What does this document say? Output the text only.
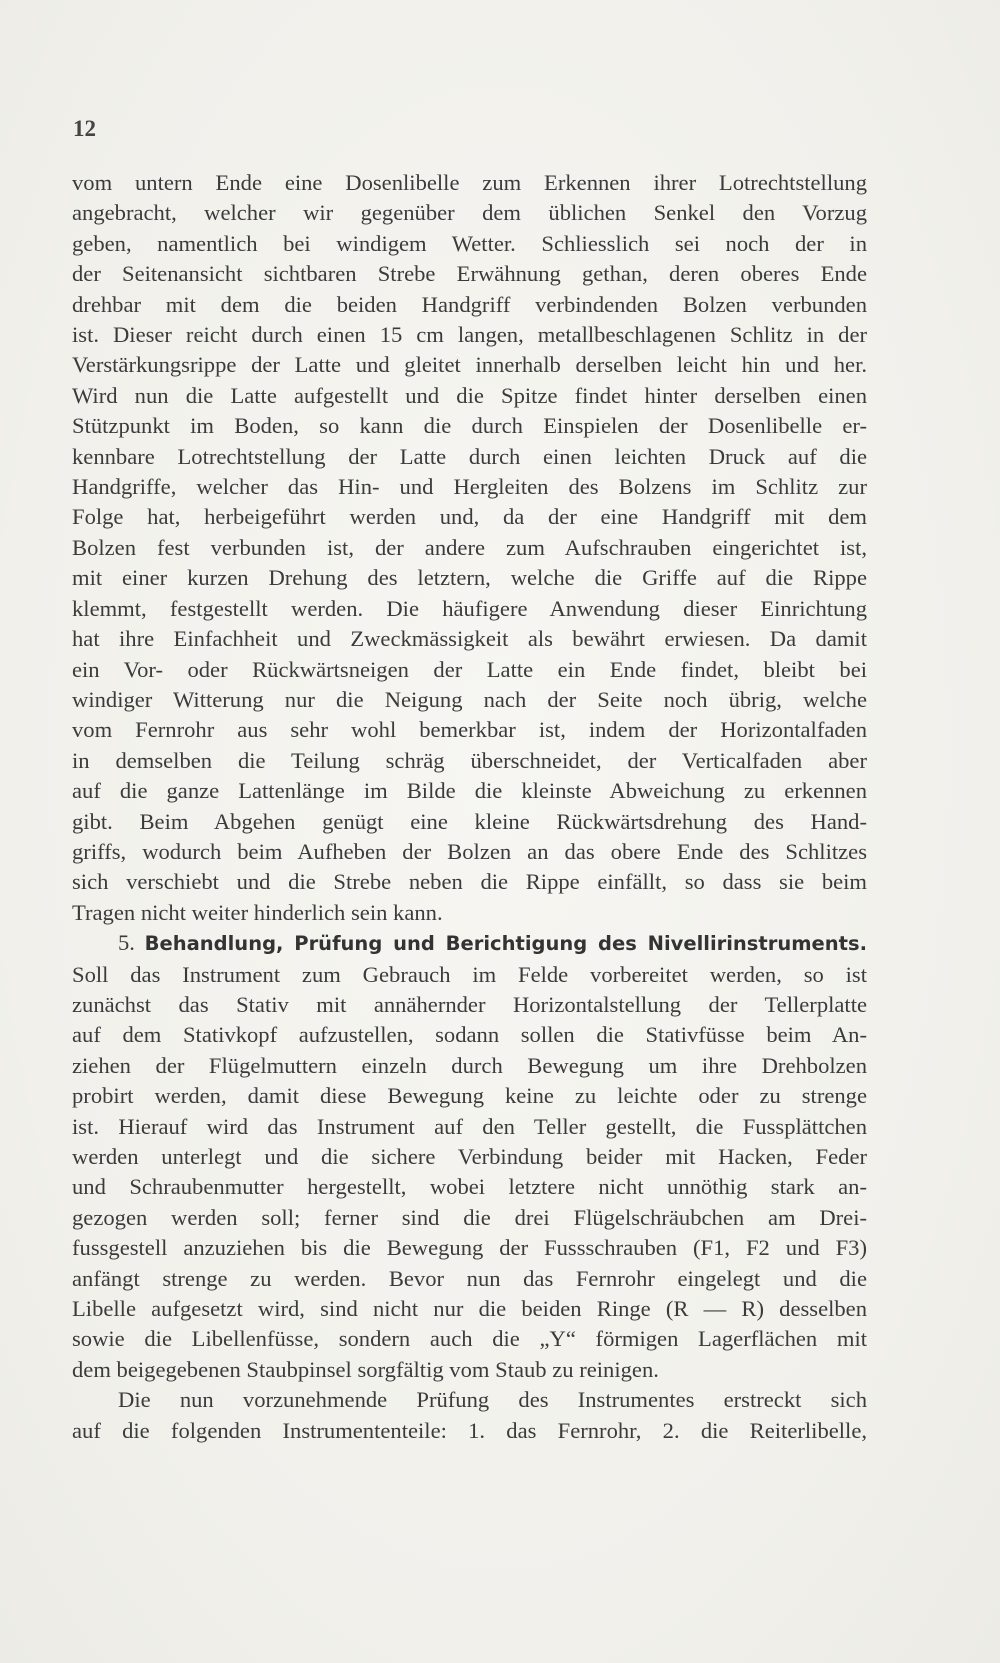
12

vom untern Ende eine Dosenlibelle zum Erkennen ihrer Lotrechtstellung
angebracht, welcher wir gegenüber dem üblichen Senkel den Vorzug
geben, namentlich bei windigem Wetter. Schliesslich sei noch der in
der Seitenansicht sichtbaren Strebe Erwähnung gethan, deren oberes Ende
drehbar mit dem die beiden Handgriff verbindenden Bolzen verbunden
ist. Dieser reicht durch einen 15 cm langen, metallbeschlagenen Schlitz in der
Verstärkungsrippe der Latte und gleitet innerhalb derselben leicht hin und her.
Wird nun die Latte aufgestellt und die Spitze findet hinter derselben einen
Stützpunkt im Boden, so kann die durch Einspielen der Dosenlibelle er-
kennbare Lotrechtstellung der Latte durch einen leichten Druck auf die
Handgriffe, welcher das Hin- und Hergleiten des Bolzens im Schlitz zur
Folge hat, herbeigeführt werden und, da der eine Handgriff mit dem
Bolzen fest verbunden ist, der andere zum Aufschrauben eingerichtet ist,
mit einer kurzen Drehung des letztern, welche die Griffe auf die Rippe
klemmt, festgestellt werden. Die häufigere Anwendung dieser Einrichtung
hat ihre Einfachheit und Zweckmässigkeit als bewährt erwiesen. Da damit
ein Vor- oder Rückwärtsneigen der Latte ein Ende findet, bleibt bei
windiger Witterung nur die Neigung nach der Seite noch übrig, welche
vom Fernrohr aus sehr wohl bemerkbar ist, indem der Horizontalfaden
in demselben die Teilung schräg überschneidet, der Verticalfaden aber
auf die ganze Lattenlänge im Bilde die kleinste Abweichung zu erkennen
gibt. Beim Abgehen genügt eine kleine Rückwärtsdrehung des Hand-
griffs, wodurch beim Aufheben der Bolzen an das obere Ende des Schlitzes
sich verschiebt und die Strebe neben die Rippe einfällt, so dass sie beim
Tragen nicht weiter hinderlich sein kann.

5. Behandlung, Prüfung und Berichtigung des Nivellirinstruments.
Soll das Instrument zum Gebrauch im Felde vorbereitet werden, so ist
zunächst das Stativ mit annähernder Horizontalstellung der Tellerplatte
auf dem Stativkopf aufzustellen, sodann sollen die Stativfüsse beim An-
ziehen der Flügelmuttern einzeln durch Bewegung um ihre Drehbolzen
probirt werden, damit diese Bewegung keine zu leichte oder zu strenge
ist. Hierauf wird das Instrument auf den Teller gestellt, die Fussplättchen
werden unterlegt und die sichere Verbindung beider mit Hacken, Feder
und Schraubenmutter hergestellt, wobei letztere nicht unnöthig stark an-
gezogen werden soll; ferner sind die drei Flügelschräubchen am Drei-
fussgestell anzuziehen bis die Bewegung der Fussschrauben (F1, F2 und F3)
anfängt strenge zu werden. Bevor nun das Fernrohr eingelegt und die
Libelle aufgesetzt wird, sind nicht nur die beiden Ringe (R — R) desselben
sowie die Libellenfüsse, sondern auch die „Y“ förmigen Lagerflächen mit
dem beigegebenen Staubpinsel sorgfältig vom Staub zu reinigen.

Die nun vorzunehmende Prüfung des Instrumentes erstreckt sich
auf die folgenden Instrumententeile: 1. das Fernrohr, 2. die Reiterlibelle,
